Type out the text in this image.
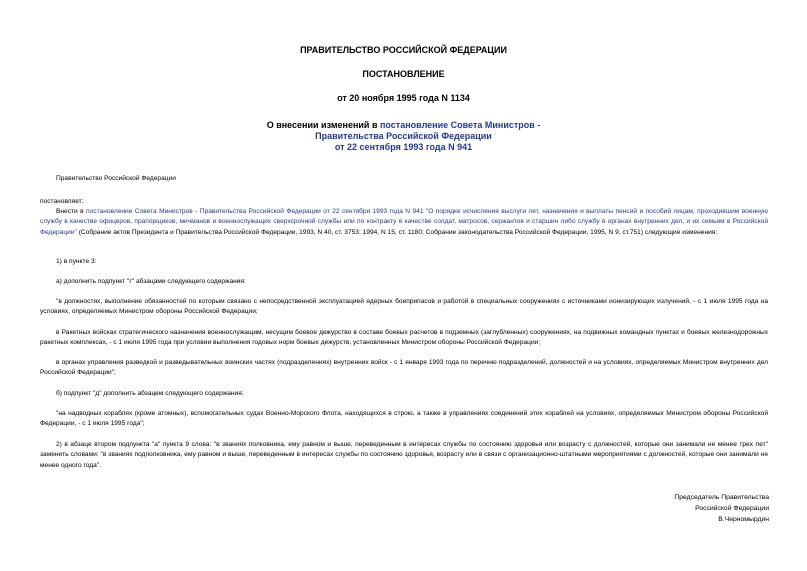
ПРАВИТЕЛЬСТВО РОССИЙСКОЙ ФЕДЕРАЦИИ
ПОСТАНОВЛЕНИЕ
от 20 ноября 1995 года N 1134
О внесении изменений в постановление Совета Министров -
Правительства Российской Федерации
от 22 сентября 1993 года N 941

Правительство Российской Федерации

постановляет:

Внести в постановление Совета Министров - Правительства Российской Федерации от 22 сентября 1993 года N 941 "О порядке исчисления выслуги лет, назначения и выплаты пенсий и пособий лицам, проходившим военную службу в качестве офицеров, прапорщиков, мичманов и военнослужащих сверхсрочной службы или по контракту в качестве солдат, матросов, сержантов и старшин либо службу в органах внутренних дел, и их семьям в Российской Федерации" (Собрание актов Президента и Правительства Российской Федерации, 1993, N 40, ст. 3753; 1994, N 15, ст. 1180; Собрание законодательства Российской Федерации, 1995, N 9, ст.751) следующие изменения:

1) в пункте 3:

а) дополнить подпункт "г" абзацами следующего содержания:

"в должностях, выполнение обязанностей по которым связано с непосредственной эксплуатацией ядерных боеприпасов и работой в специальных сооружениях с источниками ионизирующих излучений, - с 1 июля 1995 года на условиях, определяемых Министром обороны Российской Федерации;

в Ракетных войсках стратегического назначения военнослужащим, несущим боевое дежурство в составе боевых расчетов в подземных (заглубленных) сооружениях, на подвижных командных пунктах и боевых железнодорожных ракетных комплексах, - с 1 июля 1995 года при условии выполнения годовых норм боевых дежурств, установленных Министром обороны Российской Федерации;

в органах управления разведкой и разведывательных воинских частях (подразделениях) внутренних войск - с 1 января 1993 года по перечню подразделений, должностей и на условиях, определяемых Министром внутренних дел Российской Федерации";

б) подпункт "д" дополнить абзацем следующего содержания:

"на надводных кораблях (кроме атомных), вспомогательных судах Военно-Морского Флота, находящихся в строю, а также в управлениях соединений этих кораблей на условиях, определяемых Министром обороны Российской Федерации, - с 1 июля 1995 года";

2) в абзаце втором подпункта "а" пункта 9 слова: "в званиях полковника, ему равном и выше, переведенным в интересах службы по состоянию здоровья или возрасту с должностей, которые они занимали не менее трех лет" заменить словами: "в званиях подполковника, ему равном и выше, переведенным в интересах службы по состоянию здоровья, возрасту или в связи с организационно-штатными мероприятиями с должностей, которые они занимали не менее одного года".

Председатель Правительства
Российской Федерации
В.Черномырдин
